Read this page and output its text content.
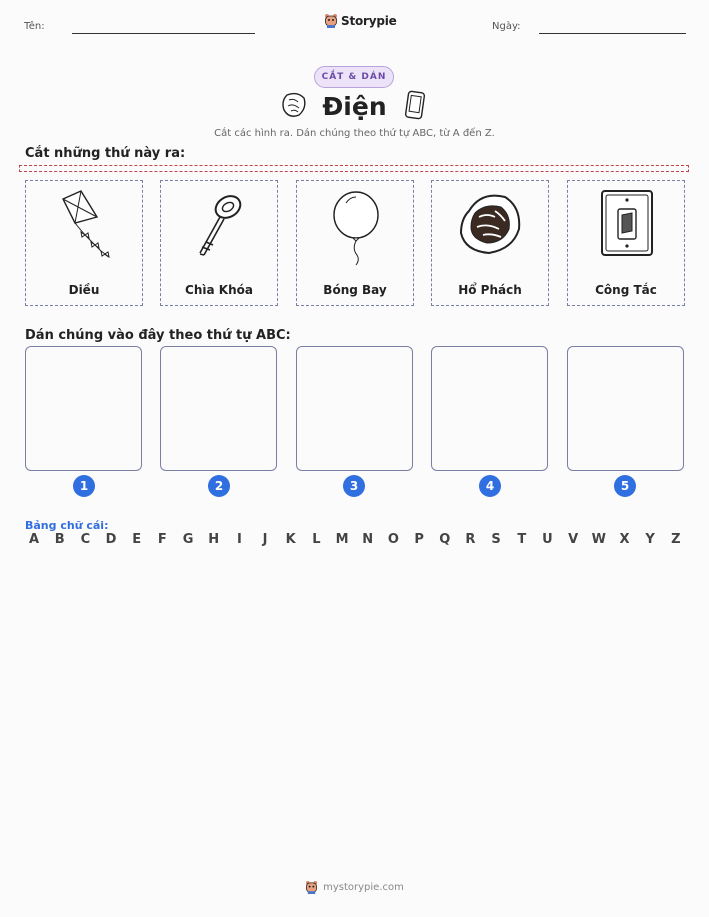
Tên:	Storypie	Ngày:
CẮT & DÁN
Điện
Cắt các hình ra. Dán chúng theo thứ tự ABC, từ A đến Z.
Cắt những thứ này ra:
Diều	Chìa Khóa	Bóng Bay	Hổ Phách	Công Tắc
Dán chúng vào đây theo thứ tự ABC:
1	2	3	4	5
Bảng chữ cái:
A	B	C	D	E	F	G H	I	J	K	L	M N O	P	Q	R	S	T	U	V	W	X	Y	Z
mystorypie.com
